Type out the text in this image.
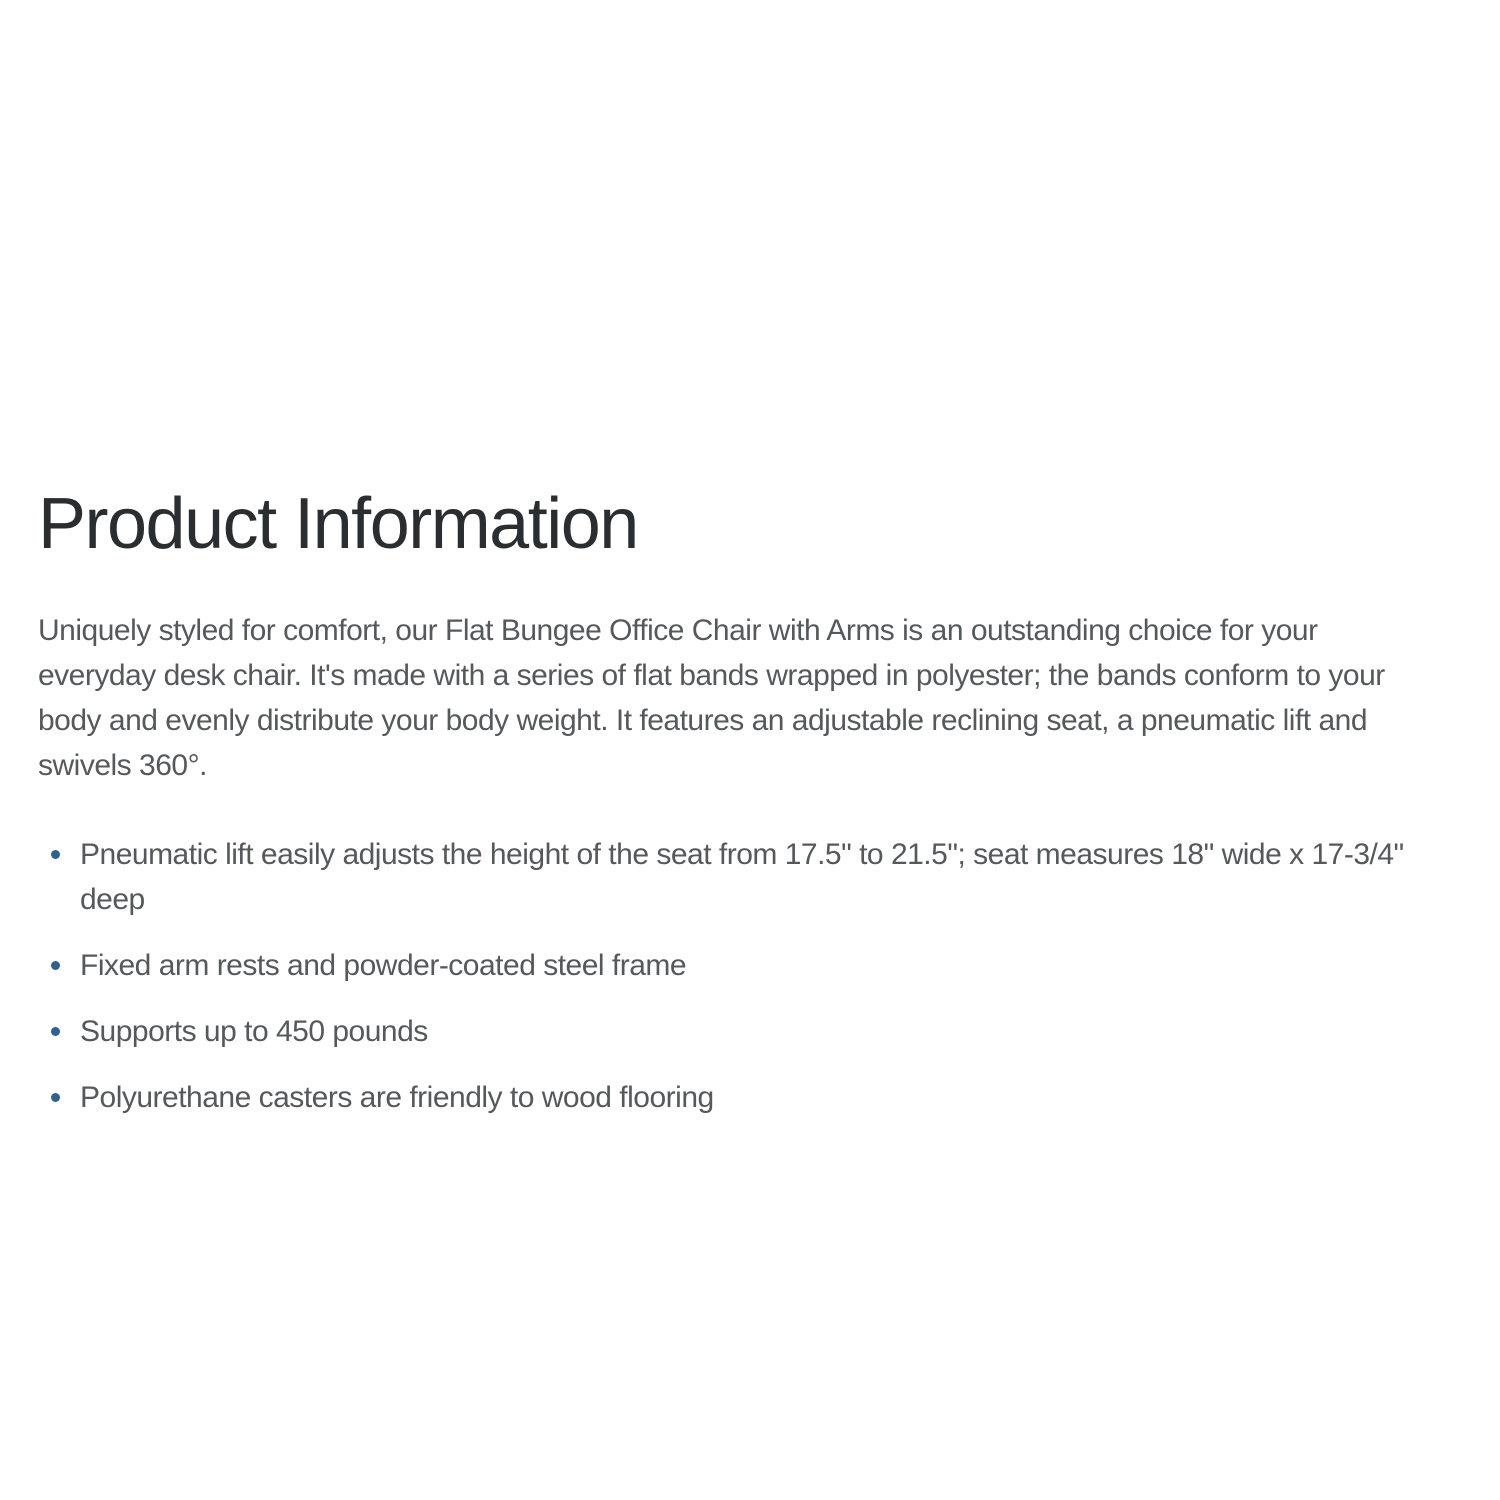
Product Information

Uniquely styled for comfort, our Flat Bungee Office Chair with Arms is an outstanding choice for your everyday desk chair. It's made with a series of flat bands wrapped in polyester; the bands conform to your body and evenly distribute your body weight. It features an adjustable reclining seat, a pneumatic lift and swivels 360°.

Pneumatic lift easily adjusts the height of the seat from 17.5" to 21.5"; seat measures 18" wide x 17-3/4" deep
Fixed arm rests and powder-coated steel frame
Supports up to 450 pounds
Polyurethane casters are friendly to wood flooring
